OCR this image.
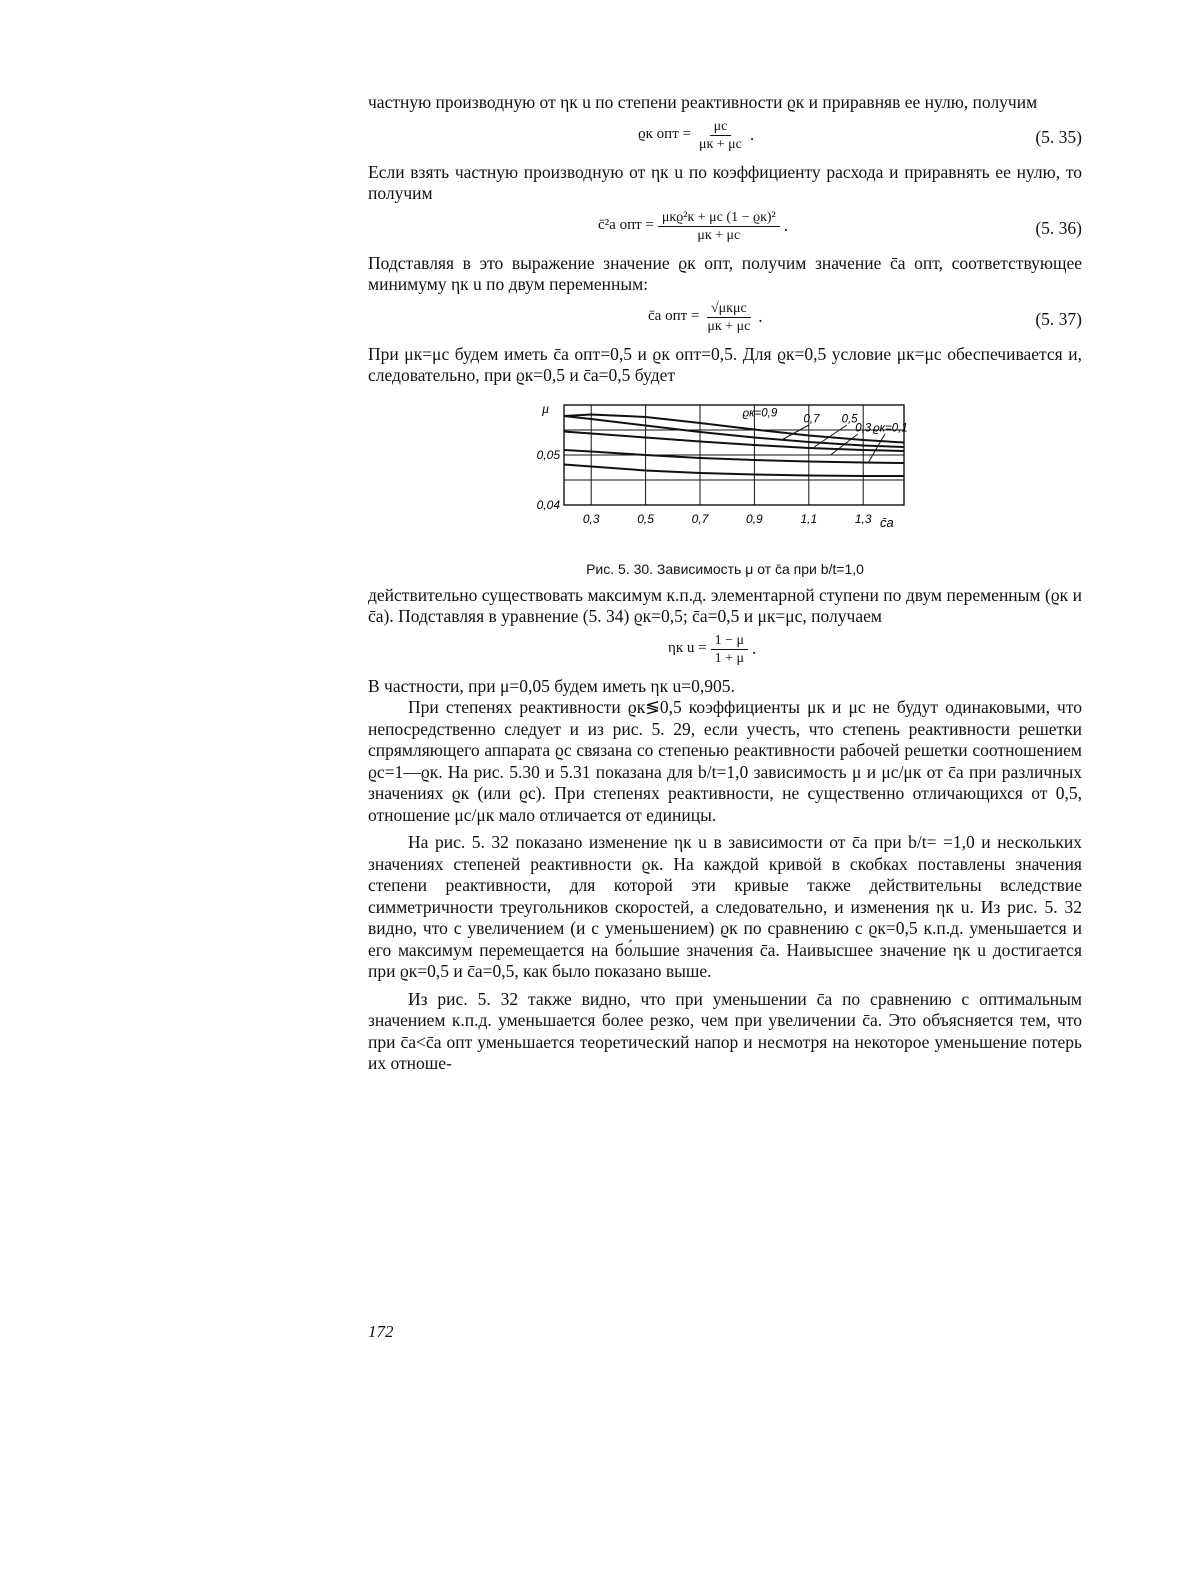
частную производную от ηк u по степени реактивности ϱк и приравняв ее нулю, получим

ϱк опт = $\frac{\mu c}{\mu к + \mu c}$ .	(5. 35)

Если взять частную производную от ηк u по коэффициенту расхода и приравнять ее нулю, то получим

c̄²a опт = $\frac{\text{μкϱ²к + μc (1 − ϱк)²}}{\mu к + \mu c}$ .	(5. 36)

Подставляя в это выражение значение ϱк опт, получим значение c̄a опт, соответствующее минимуму ηк u по двум переменным:

c̄a опт = $\frac{\text{√μкμc}}{\mu к + \mu c}$ .	(5. 37)

При μк=μc будем иметь c̄a опт=0,5 и ϱк опт=0,5. Для ϱк=0,5 условие μк=μc обеспечивается и, следовательно, при ϱк=0,5 и c̄a=0,5 будет

0,3	0,5	0,7	0,9	1,1	1,3
0,05
0,04
ϱк=0,9 0,7 0,5
0,3 ϱк=0,1
μ
c̄a
Рис. 5. 30. Зависимость μ от c̄a при b/t=1,0

действительно существовать максимум к.п.д. элементарной ступени по двум переменным (ϱк и c̄a). Подставляя в уравнение (5. 34) ϱк=0,5; c̄a=0,5 и μк=μc, получаем

ηк $u = \frac{1 - \mu}{1 + \mu}$ .

В частности, при μ=0,05 будем иметь ηк u=0,905.

При степенях реактивности ϱк≶0,5 коэффициенты μк и μc не будут одинаковыми, что непосредственно следует и из рис. 5. 29, если учесть, что степень реактивности решетки спрямляющего аппарата ϱc связана со степенью реактивности рабочей решетки соотношением ϱc=1—ϱк. На рис. 5.30 и 5.31 показана для b/t=1,0 зависимость μ и μc/μк от c̄a при различных значениях ϱк (или ϱc). При степенях реактивности, не существенно отличающихся от 0,5, отношение μc/μк мало отличается от единицы.

На рис. 5. 32 показано изменение ηк u в зависимости от c̄a при b/t= =1,0 и нескольких значениях степеней реактивности ϱк. На каждой кривой в скобках поставлены значения степени реактивности, для которой эти кривые также действительны вследствие симметричности треугольников скоростей, а следовательно, и изменения ηк u. Из рис. 5. 32 видно, что с увеличением (и с уменьшением) ϱк по сравнению с ϱк=0,5 к.п.д. уменьшается и его максимум перемещается на бо́льшие значения c̄a. Наивысшее значение ηк u достигается при ϱк=0,5 и c̄a=0,5, как было показано выше.

Из рис. 5. 32 также видно, что при уменьшении c̄a по сравнению с оптимальным значением к.п.д. уменьшается более резко, чем при увеличении c̄a. Это объясняется тем, что при c̄a<c̄a опт уменьшается теоретический напор и несмотря на некоторое уменьшение потерь их отноше-

172
